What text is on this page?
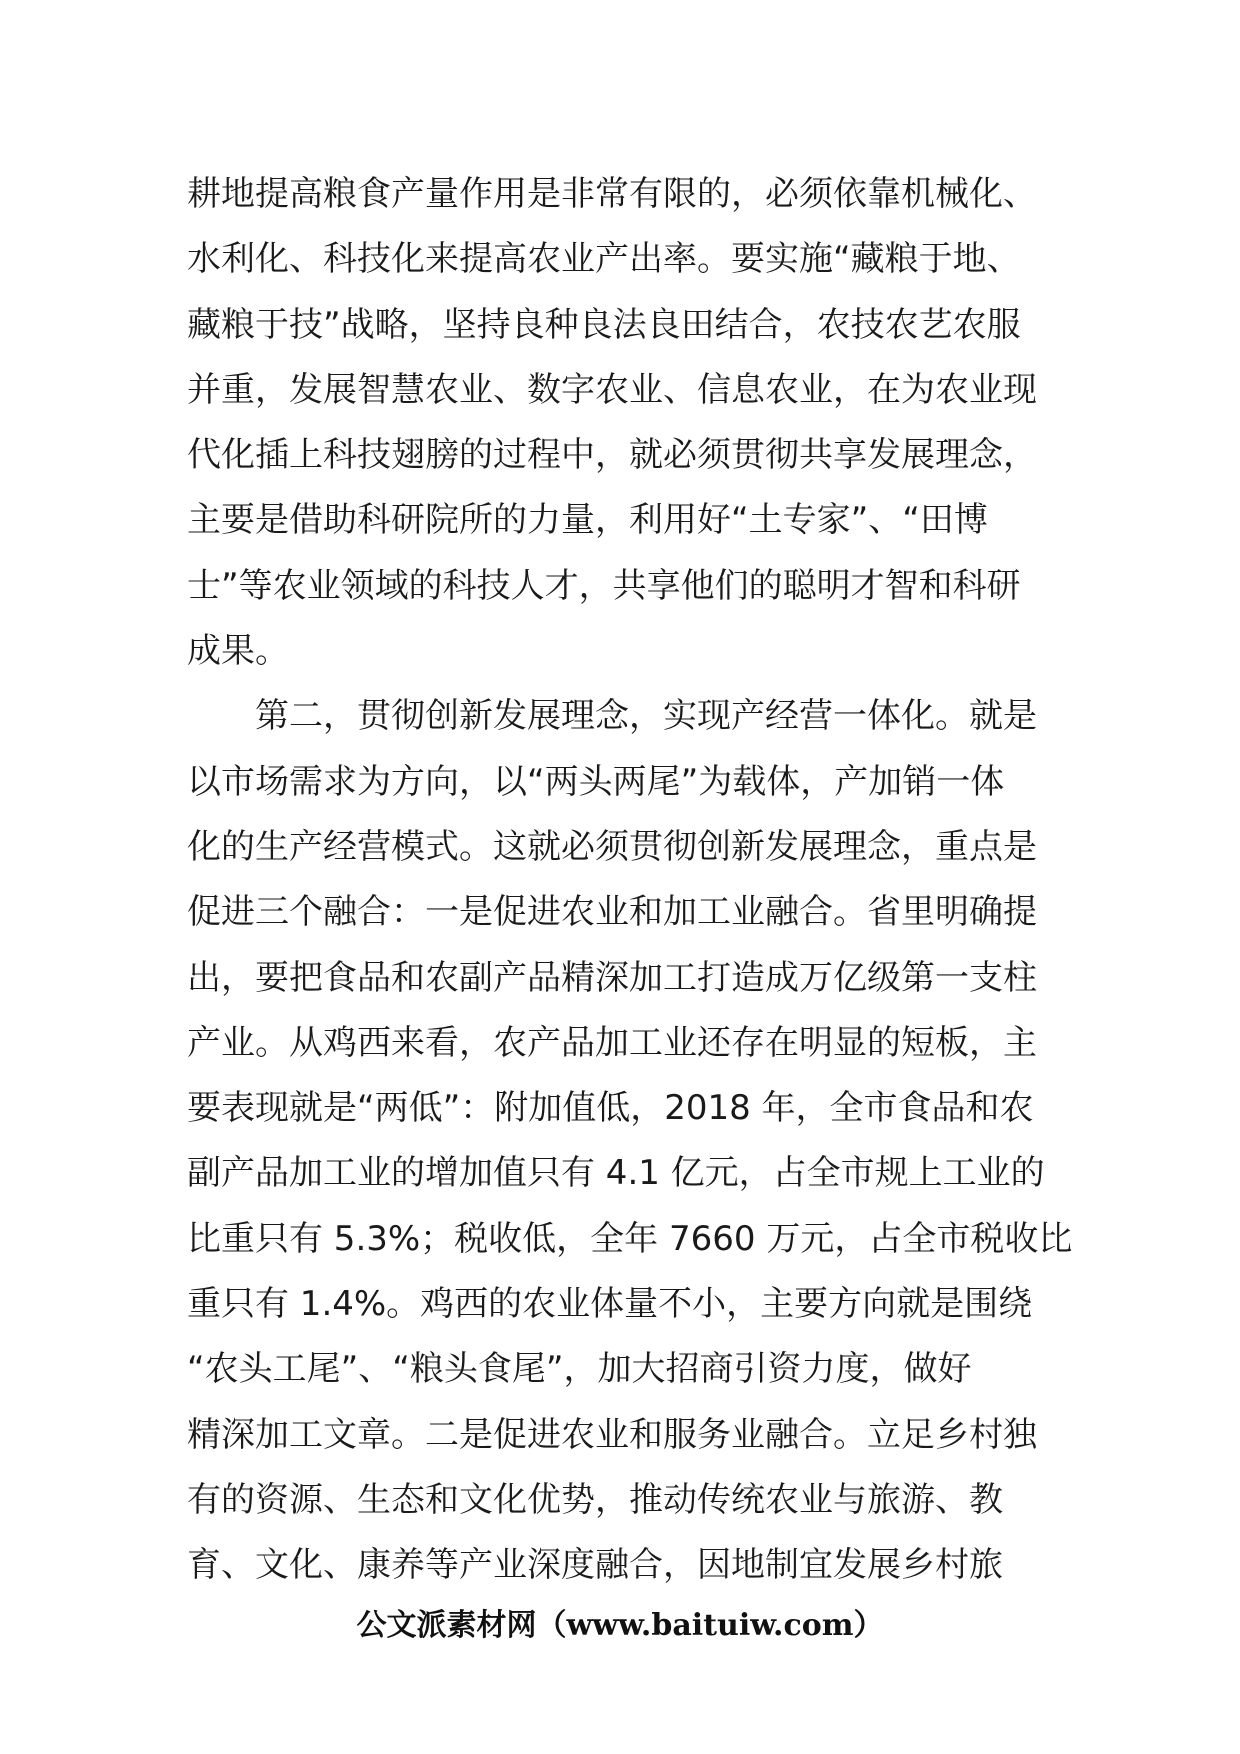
耕地提高粮食产量作用是非常有限的，必须依靠机械化、
水利化、科技化来提高农业产出率。要实施“藏粮于地、
藏粮于技”战略，坚持良种良法良田结合，农技农艺农服
并重，发展智慧农业、数字农业、信息农业，在为农业现
代化插上科技翅膀的过程中，就必须贯彻共享发展理念，
主要是借助科研院所的力量，利用好“土专家”、“田博
士”等农业领域的科技人才，共享他们的聪明才智和科研
成果。
　　第二，贯彻创新发展理念，实现产经营一体化。就是
以市场需求为方向，以“两头两尾”为载体，产加销一体
化的生产经营模式。这就必须贯彻创新发展理念，重点是
促进三个融合：一是促进农业和加工业融合。省里明确提
出，要把食品和农副产品精深加工打造成万亿级第一支柱
产业。从鸡西来看，农产品加工业还存在明显的短板，主
要表现就是“两低”：附加值低，2018 年，全市食品和农
副产品加工业的增加值只有 4.1 亿元，占全市规上工业的
比重只有 5.3%；税收低，全年 7660 万元，占全市税收比
重只有 1.4%。鸡西的农业体量不小，主要方向就是围绕
“农头工尾”、“粮头食尾”，加大招商引资力度，做好
精深加工文章。二是促进农业和服务业融合。立足乡村独
有的资源、生态和文化优势，推动传统农业与旅游、教
育、文化、康养等产业深度融合，因地制宜发展乡村旅
公文派素材网（www.baituiw.com）
